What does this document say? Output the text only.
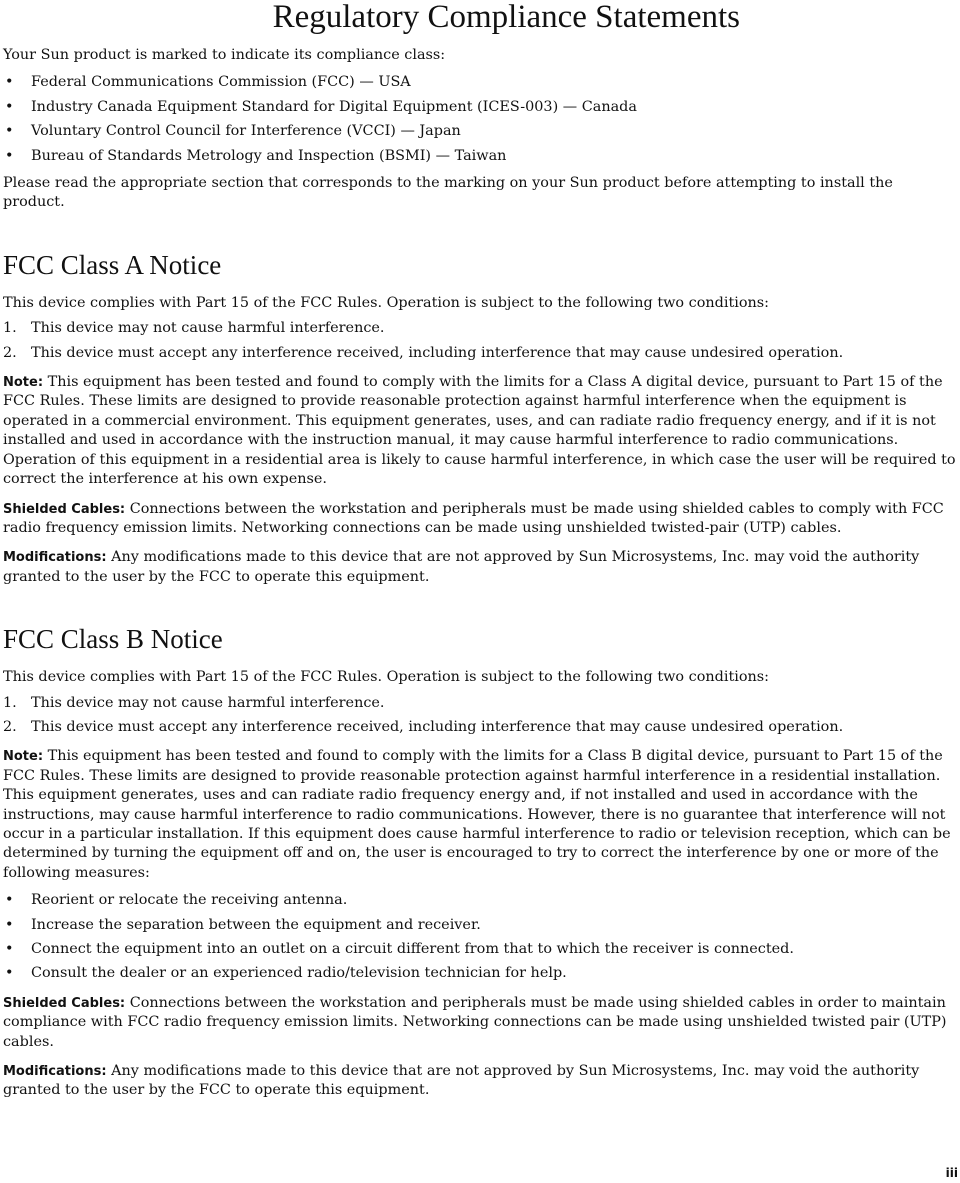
Regulatory Compliance Statements

Your Sun product is marked to indicate its compliance class:

• Federal Communications Commission (FCC) — USA
• Industry Canada Equipment Standard for Digital Equipment (ICES-003) — Canada
• Voluntary Control Council for Interference (VCCI) — Japan
• Bureau of Standards Metrology and Inspection (BSMI) — Taiwan

Please read the appropriate section that corresponds to the marking on your Sun product before attempting to install the product.

FCC Class A Notice

This device complies with Part 15 of the FCC Rules. Operation is subject to the following two conditions:

1. This device may not cause harmful interference.
2. This device must accept any interference received, including interference that may cause undesired operation.

Note: This equipment has been tested and found to comply with the limits for a Class A digital device, pursuant to Part 15 of the FCC Rules. These limits are designed to provide reasonable protection against harmful interference when the equipment is operated in a commercial environment. This equipment generates, uses, and can radiate radio frequency energy, and if it is not installed and used in accordance with the instruction manual, it may cause harmful interference to radio communications. Operation of this equipment in a residential area is likely to cause harmful interference, in which case the user will be required to correct the interference at his own expense.

Shielded Cables: Connections between the workstation and peripherals must be made using shielded cables to comply with FCC radio frequency emission limits. Networking connections can be made using unshielded twisted-pair (UTP) cables.

Modifications: Any modifications made to this device that are not approved by Sun Microsystems, Inc. may void the authority granted to the user by the FCC to operate this equipment.

FCC Class B Notice

This device complies with Part 15 of the FCC Rules. Operation is subject to the following two conditions:

1. This device may not cause harmful interference.
2. This device must accept any interference received, including interference that may cause undesired operation.

Note: This equipment has been tested and found to comply with the limits for a Class B digital device, pursuant to Part 15 of the FCC Rules. These limits are designed to provide reasonable protection against harmful interference in a residential installation. This equipment generates, uses and can radiate radio frequency energy and, if not installed and used in accordance with the instructions, may cause harmful interference to radio communications. However, there is no guarantee that interference will not occur in a particular installation. If this equipment does cause harmful interference to radio or television reception, which can be determined by turning the equipment off and on, the user is encouraged to try to correct the interference by one or more of the following measures:

• Reorient or relocate the receiving antenna.
• Increase the separation between the equipment and receiver.
• Connect the equipment into an outlet on a circuit different from that to which the receiver is connected.
• Consult the dealer or an experienced radio/television technician for help.

Shielded Cables: Connections between the workstation and peripherals must be made using shielded cables in order to maintain compliance with FCC radio frequency emission limits. Networking connections can be made using unshielded twisted pair (UTP) cables.

Modifications: Any modifications made to this device that are not approved by Sun Microsystems, Inc. may void the authority granted to the user by the FCC to operate this equipment.

iii
